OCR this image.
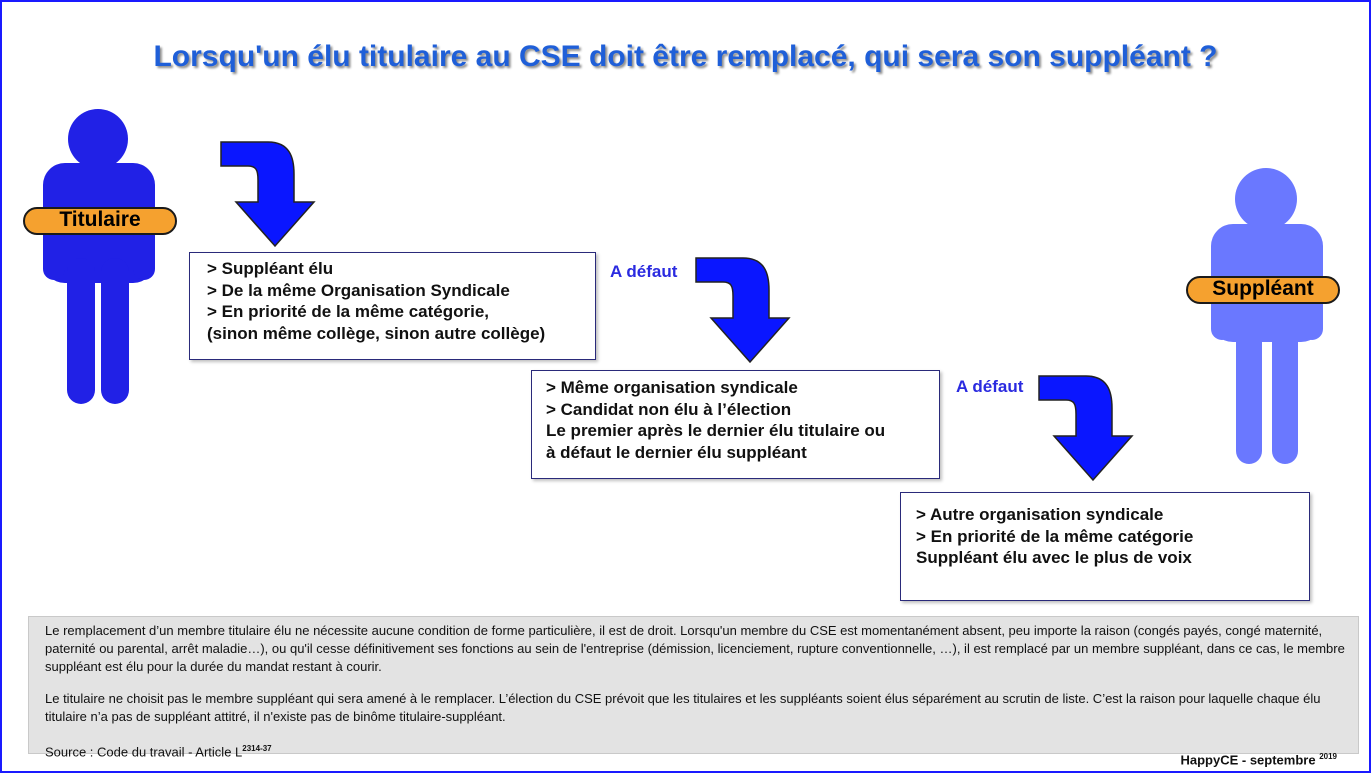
Lorsqu'un élu titulaire au CSE doit être remplacé, qui sera son suppléant ?
Titulaire
Suppléant
A défaut
A défaut
> Suppléant élu
> De la même Organisation Syndicale
> En priorité de la même catégorie,
(sinon même collège, sinon autre collège)
> Même organisation syndicale
> Candidat non élu à l’élection
Le premier après le dernier élu titulaire ou
à défaut le dernier élu suppléant
> Autre organisation syndicale
> En priorité de la même catégorie
Suppléant élu avec le plus de voix

Le remplacement d’un membre titulaire élu ne nécessite aucune condition de forme particulière, il est de droit. Lorsqu'un membre du CSE est momentanément absent, peu importe la raison (congés payés, congé maternité, paternité ou parental, arrêt maladie…), ou qu'il cesse définitivement ses fonctions au sein de l'entreprise (démission, licenciement, rupture conventionnelle, …), il est remplacé par un membre suppléant, dans ce cas, le membre suppléant est élu pour la durée du mandat restant à courir.

Le titulaire ne choisit pas le membre suppléant qui sera amené à le remplacer. L’élection du CSE prévoit que les titulaires et les suppléants soient élus séparément au scrutin de liste. C’est la raison pour laquelle chaque élu titulaire n’a pas de suppléant attitré, il n'existe pas de binôme titulaire-suppléant.

Source : Code du travail - Article $L^{2314-37}$
HappyCE - septembre $^{2019}$
